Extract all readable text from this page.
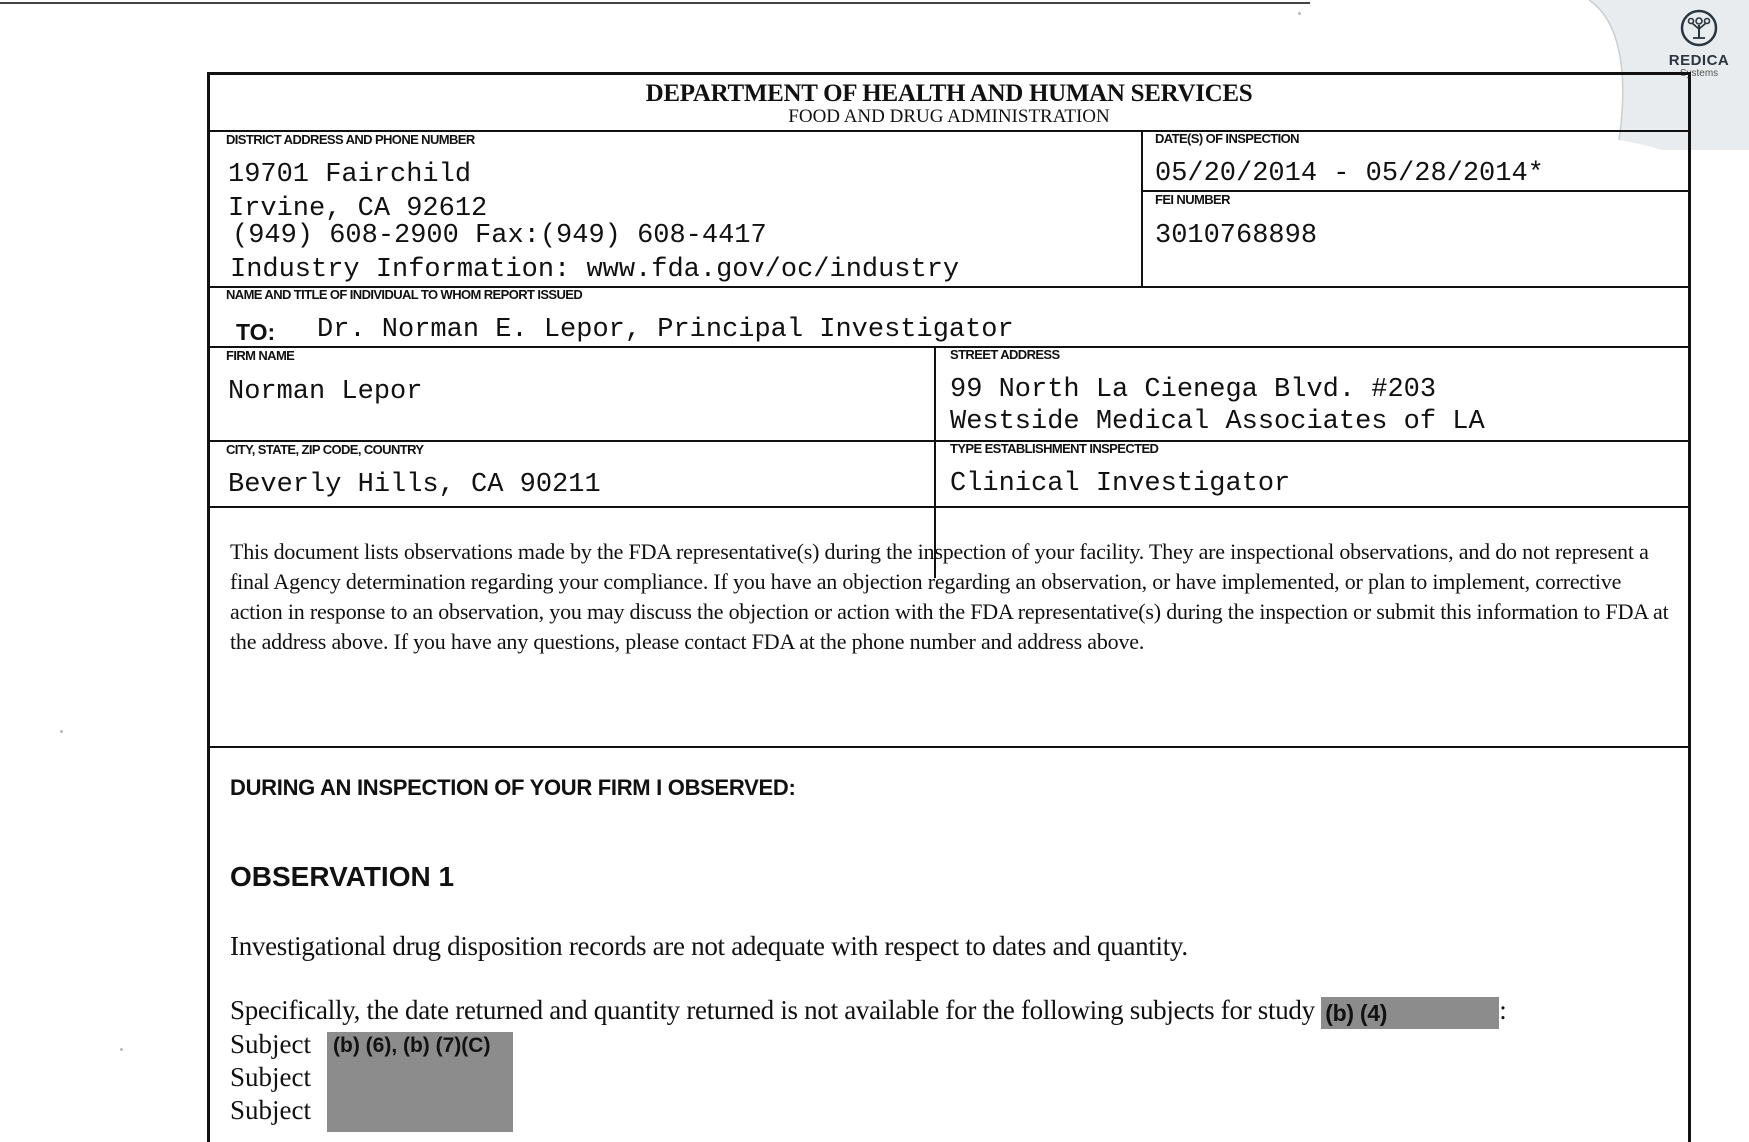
REDICA
Systems
DEPARTMENT OF HEALTH AND HUMAN SERVICES
FOOD AND DRUG ADMINISTRATION
DISTRICT ADDRESS AND PHONE NUMBER
19701 Fairchild
Irvine, CA 92612
(949) 608-2900 Fax:(949) 608-4417
Industry Information: www.fda.gov/oc/industry
DATE(S) OF INSPECTION
05/20/2014 - 05/28/2014*
FEI NUMBER
3010768898
NAME AND TITLE OF INDIVIDUAL TO WHOM REPORT ISSUED
TO: Dr. Norman E. Lepor, Principal Investigator
FIRM NAME
Norman Lepor
STREET ADDRESS
99 North La Cienega Blvd. #203
Westside Medical Associates of LA
CITY, STATE, ZIP CODE, COUNTRY
Beverly Hills, CA 90211
TYPE ESTABLISHMENT INSPECTED
Clinical Investigator
This document lists observations made by the FDA representative(s) during the inspection of your facility. They are inspectional observations, and do not represent a final Agency determination regarding your compliance. If you have an objection regarding an observation, or have implemented, or plan to implement, corrective action in response to an observation, you may discuss the objection or action with the FDA representative(s) during the inspection or submit this information to FDA at the address above. If you have any questions, please contact FDA at the phone number and address above.
DURING AN INSPECTION OF YOUR FIRM I OBSERVED:
OBSERVATION 1
Investigational drug disposition records are not adequate with respect to dates and quantity.
Specifically, the date returned and quantity returned is not available for the following subjects for study (b) (4)	:
Subject
Subject
Subject
(b) (6), (b) (7)(C)
